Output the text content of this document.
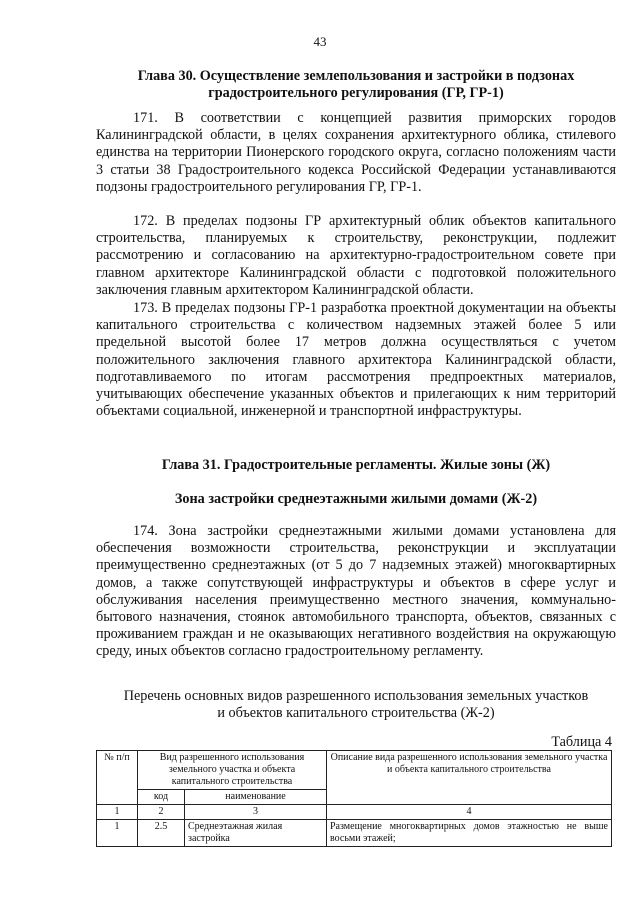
43
Глава 30. Осуществление землепользования и застройки в подзонах
градостроительного регулирования (ГР, ГР-1)
171. В соответствии с концепцией развития приморских городов Калининградской области, в целях сохранения архитектурного облика, стилевого единства на территории Пионерского городского округа, согласно положениям части 3 статьи 38 Градостроительного кодекса Российской Федерации устанавливаются подзоны градостроительного регулирования ГР, ГР-1.
172. В пределах подзоны ГР архитектурный облик объектов капитального строительства, планируемых к строительству, реконструкции, подлежит рассмотрению и согласованию на архитектурно-градостроительном совете при главном архитекторе Калининградской области с подготовкой положительного заключения главным архитектором Калининградской области.
173. В пределах подзоны ГР-1 разработка проектной документации на объекты капитального строительства с количеством надземных этажей более 5 или предельной высотой более 17 метров должна осуществляться с учетом положительного заключения главного архитектора Калининградской области, подготавливаемого по итогам рассмотрения предпроектных материалов, учитывающих обеспечение указанных объектов и прилегающих к ним территорий объектами социальной, инженерной и транспортной инфраструктуры.
Глава 31. Градостроительные регламенты. Жилые зоны (Ж)
Зона застройки среднеэтажными жилыми домами (Ж-2)
174. Зона застройки среднеэтажными жилыми домами установлена для обеспечения возможности строительства, реконструкции и эксплуатации преимущественно среднеэтажных (от 5 до 7 надземных этажей) многоквартирных домов, а также сопутствующей инфраструктуры и объектов в сфере услуг и обслуживания населения преимущественно местного значения, коммунально-бытового назначения, стоянок автомобильного транспорта, объектов, связанных с проживанием граждан и не оказывающих негативного воздействия на окружающую среду, иных объектов согласно градостроительному регламенту.
Перечень основных видов разрешенного использования земельных участков
и объектов капитального строительства (Ж-2)
Таблица 4
№ п/п	Вид разрешенного использования земельного участка и объекта капитального строительства		Описание вида разрешенного использования земельного участка и объекта капитального строительства
	код	наименование	
1	2	3	4
1	2.5	Среднеэтажная жилая застройка	Размещение многоквартирных домов этажностью не выше восьми этажей;
